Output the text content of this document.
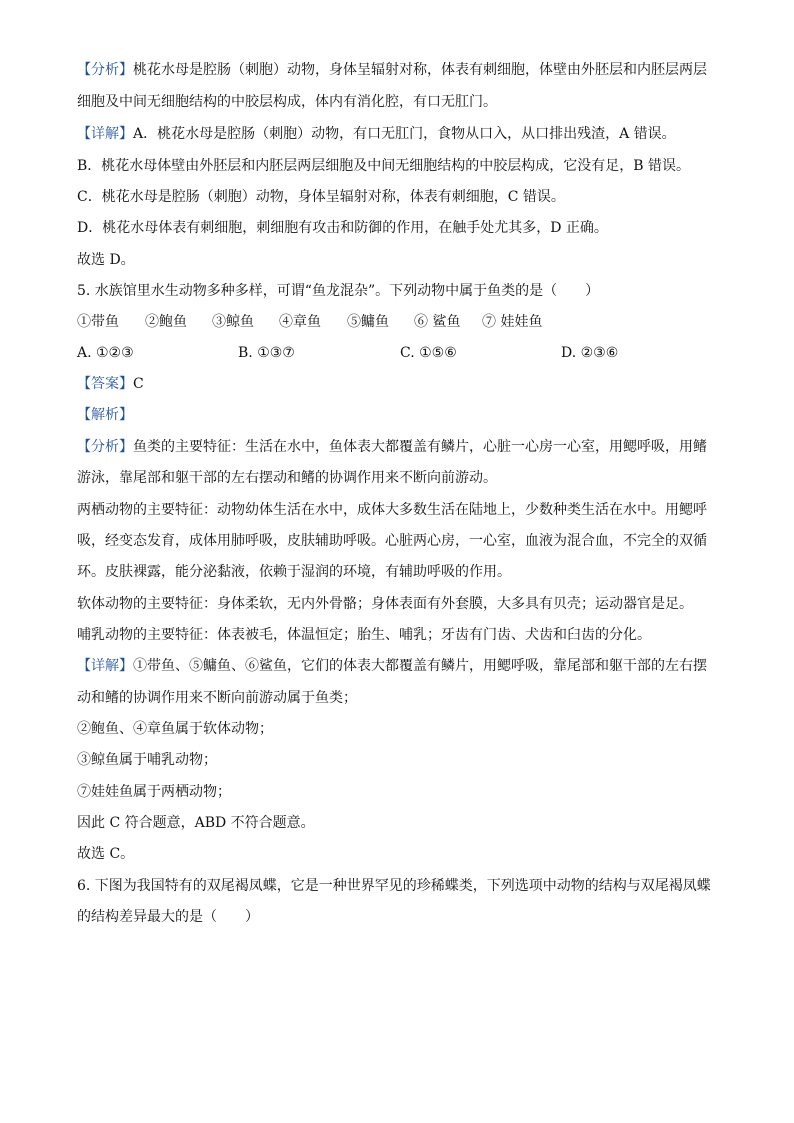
【分析】桃花水母是腔肠（刺胞）动物，身体呈辐射对称，体表有刺细胞，体壁由外胚层和内胚层两层
细胞及中间无细胞结构的中胶层构成，体内有消化腔，有口无肛门。
【详解】A．桃花水母是腔肠（刺胞）动物，有口无肛门，食物从口入，从口排出残渣，A 错误。
B．桃花水母体壁由外胚层和内胚层两层细胞及中间无细胞结构的中胶层构成，它没有足，B 错误。
C．桃花水母是腔肠（刺胞）动物，身体呈辐射对称，体表有刺细胞，C 错误。
D．桃花水母体表有刺细胞，刺细胞有攻击和防御的作用，在触手处尤其多，D 正确。
故选 D。
5. 水族馆里水生动物多种多样，可谓“鱼龙混杂”。下列动物中属于鱼类的是（　　）
①带鱼	②鲍鱼	③鲸鱼	④章鱼	⑤鳙鱼	⑥ 鲨鱼	⑦ 娃娃鱼
A. ①②③	B. ①③⑦	C. ①⑤⑥	D. ②③⑥
【答案】C
【解析】
【分析】鱼类的主要特征：生活在水中，鱼体表大都覆盖有鳞片，心脏一心房一心室，用鳃呼吸，用鳍
游泳，靠尾部和躯干部的左右摆动和鳍的协调作用来不断向前游动。
两栖动物的主要特征：动物幼体生活在水中，成体大多数生活在陆地上，少数种类生活在水中。用鳃呼
吸，经变态发育，成体用肺呼吸，皮肤辅助呼吸。心脏两心房，一心室，血液为混合血，不完全的双循
环。皮肤裸露，能分泌黏液，依赖于湿润的环境，有辅助呼吸的作用。
软体动物的主要特征：身体柔软，无内外骨骼；身体表面有外套膜，大多具有贝壳；运动器官是足。
哺乳动物的主要特征：体表被毛，体温恒定；胎生、哺乳；牙齿有门齿、犬齿和臼齿的分化。
【详解】①带鱼、⑤鳙鱼、⑥鲨鱼，它们的体表大都覆盖有鳞片，用鳃呼吸，靠尾部和躯干部的左右摆
动和鳍的协调作用来不断向前游动属于鱼类；
②鲍鱼、④章鱼属于软体动物；
③鲸鱼属于哺乳动物；
⑦娃娃鱼属于两栖动物；
因此 C 符合题意，ABD 不符合题意。
故选 C。
6. 下图为我国特有的双尾褐凤蝶，它是一种世界罕见的珍稀蝶类，下列选项中动物的结构与双尾褐凤蝶
的结构差异最大的是（　　）
